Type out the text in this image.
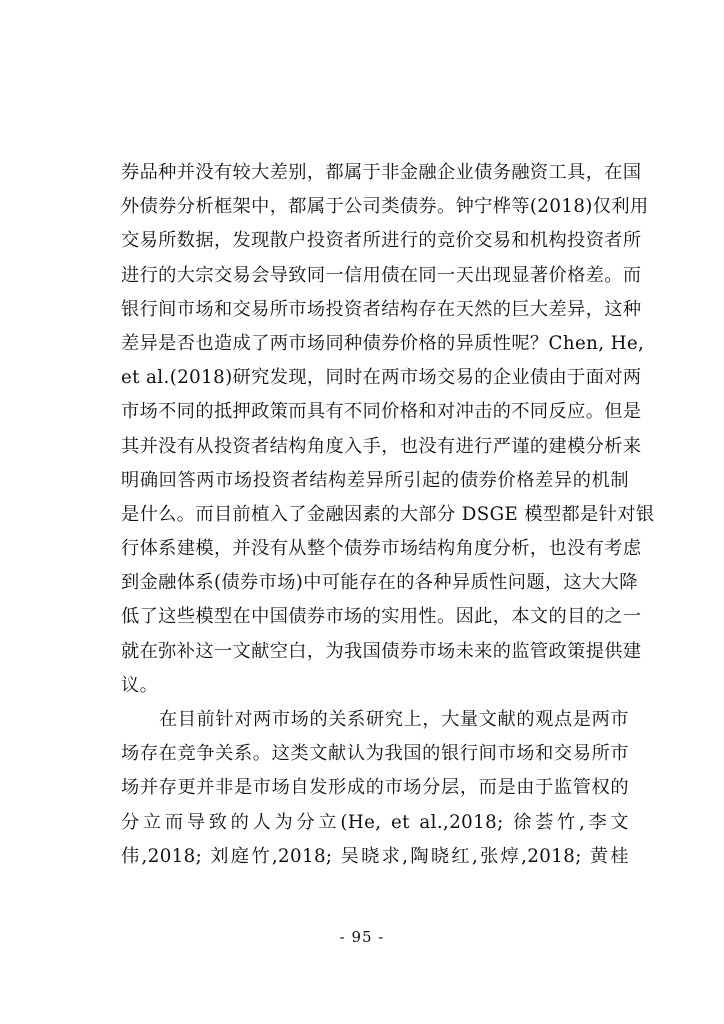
券品种并没有较大差别，都属于非金融企业债务融资工具，在国
外债券分析框架中，都属于公司类债券。钟宁桦等(2018)仅利用
交易所数据，发现散户投资者所进行的竞价交易和机构投资者所
进行的大宗交易会导致同一信用债在同一天出现显著价格差。而
银行间市场和交易所市场投资者结构存在天然的巨大差异，这种
差异是否也造成了两市场同种债券价格的异质性呢？Chen, He,
et al.(2018)研究发现，同时在两市场交易的企业债由于面对两
市场不同的抵押政策而具有不同价格和对冲击的不同反应。但是
其并没有从投资者结构角度入手，也没有进行严谨的建模分析来
明确回答两市场投资者结构差异所引起的债券价格差异的机制
是什么。而目前植入了金融因素的大部分 DSGE 模型都是针对银
行体系建模，并没有从整个债券市场结构角度分析，也没有考虑
到金融体系(债券市场)中可能存在的各种异质性问题，这大大降
低了这些模型在中国债券市场的实用性。因此，本文的目的之一
就在弥补这一文献空白，为我国债券市场未来的监管政策提供建
议。
在目前针对两市场的关系研究上，大量文献的观点是两市
场存在竞争关系。这类文献认为我国的银行间市场和交易所市
场并存更并非是市场自发形成的市场分层，而是由于监管权的
分立而导致的人为分立(He, et al.,2018; 徐荟竹,李文
伟,2018; 刘庭竹,2018; 吴晓求,陶晓红,张焞,2018; 黄桂
- 95 -
